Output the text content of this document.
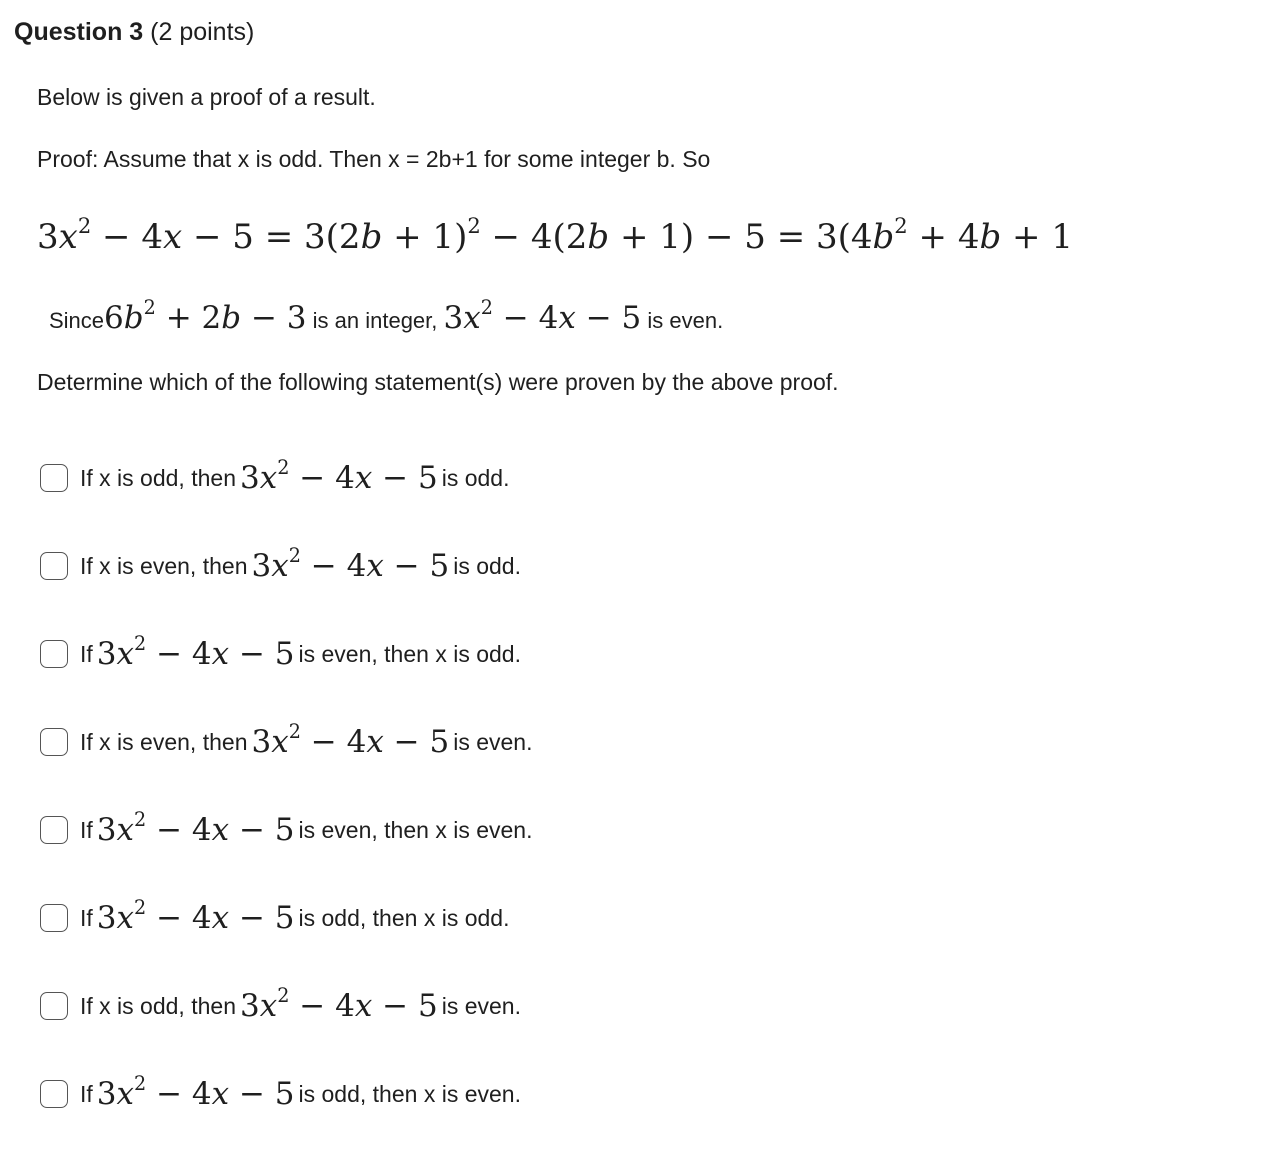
Question 3 (2 points)
Below is given a proof of a result.
Proof: Assume that x is odd. Then x = 2b+1 for some integer b. So
$3x^2 - 4x - 5 = 3(2b + 1)^2 - 4(2b + 1) - 5 = 3(4b^2 + 4b + 1$
$Since6b^2 + 2b - 3$ is an integer, $3x^2 - 4x - 5$ is even.
Determine which of the following statement(s) were proven by the above proof.
If x is odd, then $3x^2 - 4x - 5$ is odd.
If x is even, then $3x^2 - 4x - 5$ is odd.
If $3x^2 - 4x - 5$ is even, then x is odd.
If x is even, then $3x^2 - 4x - 5$ is even.
If $3x^2 - 4x - 5$ is even, then x is even.
If $3x^2 - 4x - 5$ is odd, then x is odd.
If x is odd, then $3x^2 - 4x - 5$ is even.
If $3x^2 - 4x - 5$ is odd, then x is even.
